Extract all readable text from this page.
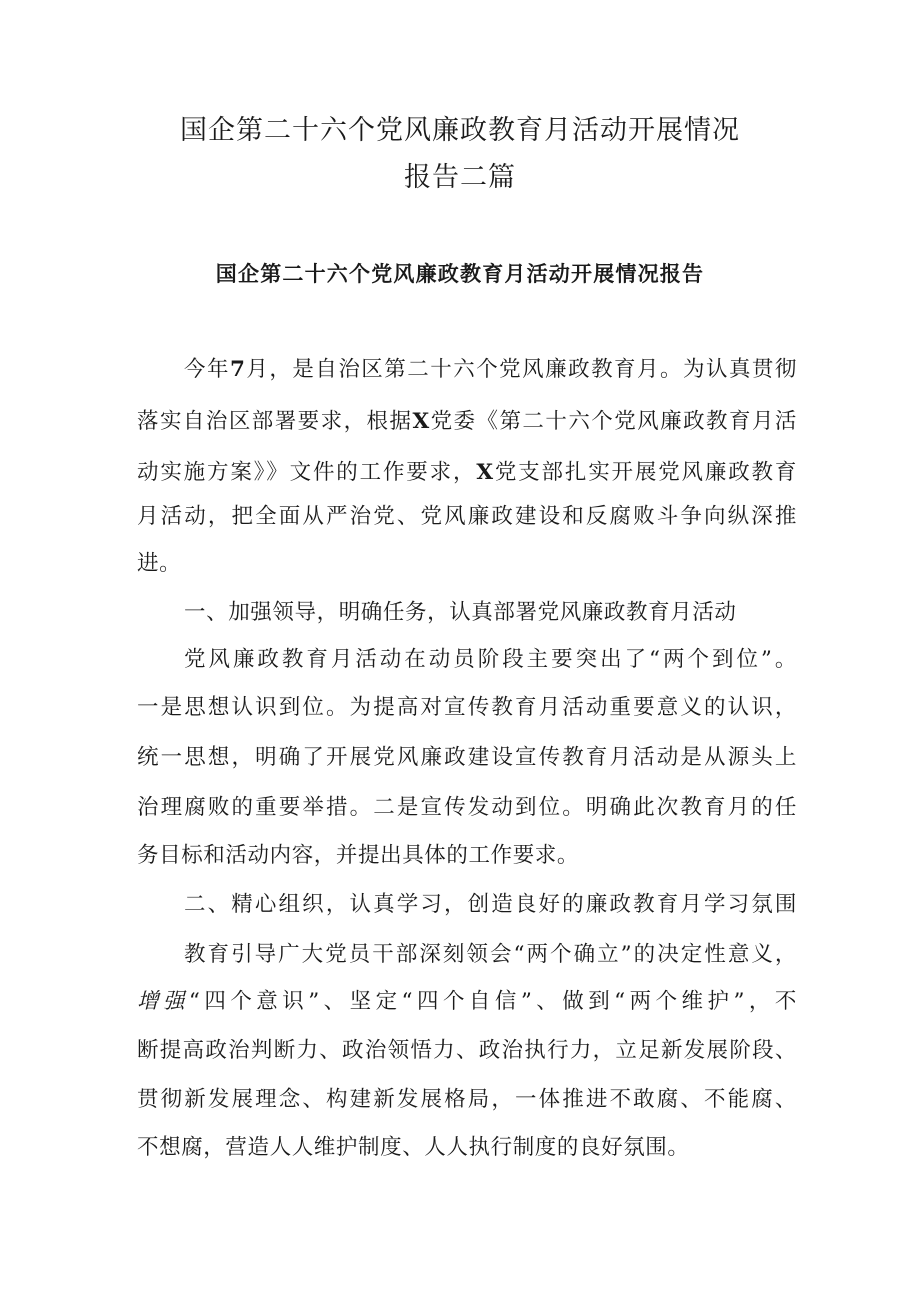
国企第二十六个党风廉政教育月活动开展情况
报告二篇
国企第二十六个党风廉政教育月活动开展情况报告

今年7月，是自治区第二十六个党风廉政教育月。为认真贯彻

落实自治区部署要求，根据X党委《第二十六个党风廉政教育月活

动实施方案》》文件的工作要求，X党支部扎实开展党风廉政教育

月活动，把全面从严治党、党风廉政建设和反腐败斗争向纵深推

进。

一、加强领导，明确任务，认真部署党风廉政教育月活动

党风廉政教育月活动在动员阶段主要突出了“两个到位”。

一是思想认识到位。为提高对宣传教育月活动重要意义的认识，

统一思想，明确了开展党风廉政建设宣传教育月活动是从源头上

治理腐败的重要举措。二是宣传发动到位。明确此次教育月的任

务目标和活动内容，并提出具体的工作要求。

二、精心组织，认真学习，创造良好的廉政教育月学习氛围

教育引导广大党员干部深刻领会“两个确立”的决定性意义，

增强“四个意识”、坚定“四个自信”、做到“两个维护”，不

断提高政治判断力、政治领悟力、政治执行力，立足新发展阶段、

贯彻新发展理念、构建新发展格局，一体推进不敢腐、不能腐、

不想腐，营造人人维护制度、人人执行制度的良好氛围。
